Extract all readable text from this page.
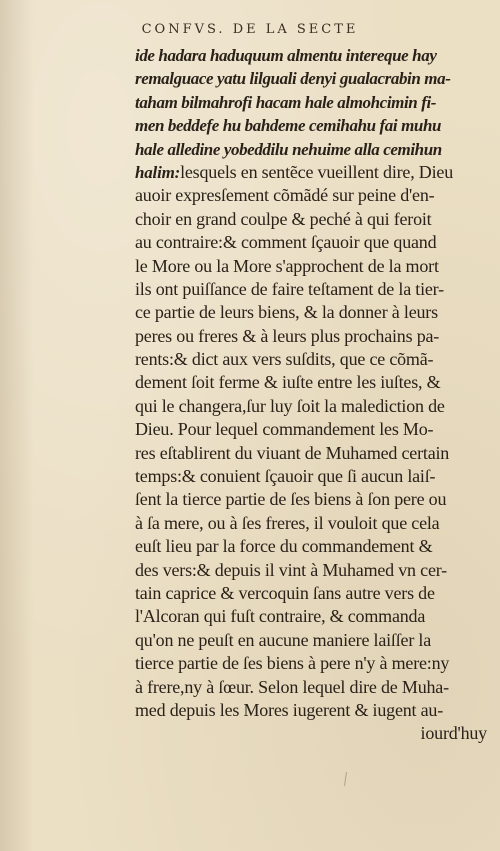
CONFVS. DE LA SECTE
ide hadara haduquum almentu intereque hay
remalguace yatu lilguali denyi gualacrabin ma-
taham bilmahrofi hacam hale almohcimin fi-
men beddefe hu bahdeme cemihahu fai muhu
hale alledine yobeddilu nehuime alla cemihun
halim:lesquels en sentẽce vueillent dire, Dieu
auoir expresſement cõmãdé sur peine d'en-
choir en grand coulpe & peché à qui feroit
au contraire:& comment ſçauoir que quand
le More ou la More s'approchent de la mort
ils ont puiſſance de faire teſtament de la tier-
ce partie de leurs biens, & la donner à leurs
peres ou freres & à leurs plus prochains pa-
rents:& dict aux vers suſdits, que ce cõmã-
dement ſoit ferme & iuſte entre les iuſtes, &
qui le changera,ſur luy ſoit la malediction de
Dieu. Pour lequel commandement les Mo-
res eſtablirent du viuant de Muhamed certain
temps:& conuient ſçauoir que ſi aucun laiſ-
ſent la tierce partie de ſes biens à ſon pere ou
à ſa mere, ou à ſes freres, il vouloit que cela
euſt lieu par la force du commandement &
des vers:& depuis il vint à Muhamed vn cer-
tain caprice & vercoquin ſans autre vers de
l'Alcoran qui fuſt contraire, & commanda
qu'on ne peuſt en aucune maniere laiſſer la
tierce partie de ſes biens à pere n'y à mere:ny
à frere,ny à ſœur. Selon lequel dire de Muha-
med depuis les Mores iugerent & iugent au-
iourd'huy
